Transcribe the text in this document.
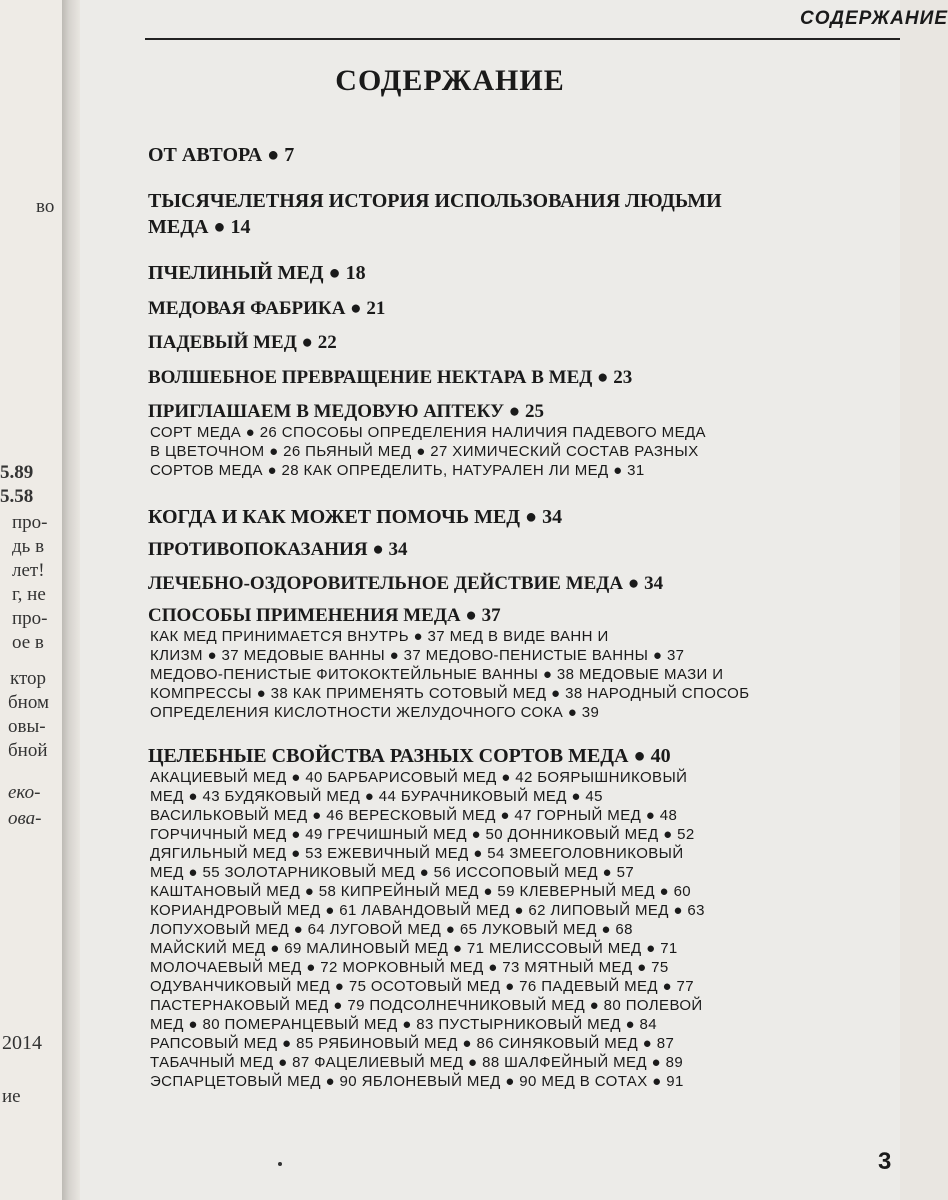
во
5.89
5.58
про-
дь в
лет!
г, не
про-
ое в
ктор
бном
овы-
бной
еко-
ова-
2014
ие
СОДЕРЖАНИЕ
СОДЕРЖАНИЕ
ОТ АВТОРА ● 7
ТЫСЯЧЕЛЕТНЯЯ ИСТОРИЯ ИСПОЛЬЗОВАНИЯ ЛЮДЬМИ
МЕДА ● 14
ПЧЕЛИНЫЙ МЕД ● 18
МЕДОВАЯ ФАБРИКА ● 21
ПАДЕВЫЙ МЕД ● 22
ВОЛШЕБНОЕ ПРЕВРАЩЕНИЕ НЕКТАРА В МЕД ● 23
ПРИГЛАШАЕМ В МЕДОВУЮ АПТЕКУ ● 25
СОРТ МЕДА ● 26 СПОСОБЫ ОПРЕДЕЛЕНИЯ НАЛИЧИЯ ПАДЕВОГО МЕДА
В ЦВЕТОЧНОМ ● 26 ПЬЯНЫЙ МЕД ● 27 ХИМИЧЕСКИЙ СОСТАВ РАЗНЫХ
СОРТОВ МЕДА ● 28 КАК ОПРЕДЕЛИТЬ, НАТУРАЛЕН ЛИ МЕД ● 31
КОГДА И КАК МОЖЕТ ПОМОЧЬ МЕД ● 34
ПРОТИВОПОКАЗАНИЯ ● 34
ЛЕЧЕБНО-ОЗДОРОВИТЕЛЬНОЕ ДЕЙСТВИЕ МЕДА ● 34
СПОСОБЫ ПРИМЕНЕНИЯ МЕДА ● 37
КАК МЕД ПРИНИМАЕТСЯ ВНУТРЬ ● 37 МЕД В ВИДЕ ВАНН И
КЛИЗМ ● 37 МЕДОВЫЕ ВАННЫ ● 37 МЕДОВО-ПЕНИСТЫЕ ВАННЫ ● 37
МЕДОВО-ПЕНИСТЫЕ ФИТОКОКТЕЙЛЬНЫЕ ВАННЫ ● 38 МЕДОВЫЕ МАЗИ И
КОМПРЕССЫ ● 38 КАК ПРИМЕНЯТЬ СОТОВЫЙ МЕД ● 38 НАРОДНЫЙ СПОСОБ
ОПРЕДЕЛЕНИЯ КИСЛОТНОСТИ ЖЕЛУДОЧНОГО СОКА ● 39
ЦЕЛЕБНЫЕ СВОЙСТВА РАЗНЫХ СОРТОВ МЕДА ● 40
АКАЦИЕВЫЙ МЕД ● 40 БАРБАРИСОВЫЙ МЕД ● 42 БОЯРЫШНИКОВЫЙ
МЕД ● 43 БУДЯКОВЫЙ МЕД ● 44 БУРАЧНИКОВЫЙ МЕД ● 45
ВАСИЛЬКОВЫЙ МЕД ● 46 ВЕРЕСКОВЫЙ МЕД ● 47 ГОРНЫЙ МЕД ● 48
ГОРЧИЧНЫЙ МЕД ● 49 ГРЕЧИШНЫЙ МЕД ● 50 ДОННИКОВЫЙ МЕД ● 52
ДЯГИЛЬНЫЙ МЕД ● 53 ЕЖЕВИЧНЫЙ МЕД ● 54 ЗМЕЕГОЛОВНИКОВЫЙ
МЕД ● 55 ЗОЛОТАРНИКОВЫЙ МЕД ● 56 ИССОПОВЫЙ МЕД ● 57
КАШТАНОВЫЙ МЕД ● 58 КИПРЕЙНЫЙ МЕД ● 59 КЛЕВЕРНЫЙ МЕД ● 60
КОРИАНДРОВЫЙ МЕД ● 61 ЛАВАНДОВЫЙ МЕД ● 62 ЛИПОВЫЙ МЕД ● 63
ЛОПУХОВЫЙ МЕД ● 64 ЛУГОВОЙ МЕД ● 65 ЛУКОВЫЙ МЕД ● 68
МАЙСКИЙ МЕД ● 69 МАЛИНОВЫЙ МЕД ● 71 МЕЛИССОВЫЙ МЕД ● 71
МОЛОЧАЕВЫЙ МЕД ● 72 МОРКОВНЫЙ МЕД ● 73 МЯТНЫЙ МЕД ● 75
ОДУВАНЧИКОВЫЙ МЕД ● 75 ОСОТОВЫЙ МЕД ● 76 ПАДЕВЫЙ МЕД ● 77
ПАСТЕРНАКОВЫЙ МЕД ● 79 ПОДСОЛНЕЧНИКОВЫЙ МЕД ● 80 ПОЛЕВОЙ
МЕД ● 80 ПОМЕРАНЦЕВЫЙ МЕД ● 83 ПУСТЫРНИКОВЫЙ МЕД ● 84
РАПСОВЫЙ МЕД ● 85 РЯБИНОВЫЙ МЕД ● 86 СИНЯКОВЫЙ МЕД ● 87
ТАБАЧНЫЙ МЕД ● 87 ФАЦЕЛИЕВЫЙ МЕД ● 88 ШАЛФЕЙНЫЙ МЕД ● 89
ЭСПАРЦЕТОВЫЙ МЕД ● 90 ЯБЛОНЕВЫЙ МЕД ● 90 МЕД В СОТАХ ● 91
3
